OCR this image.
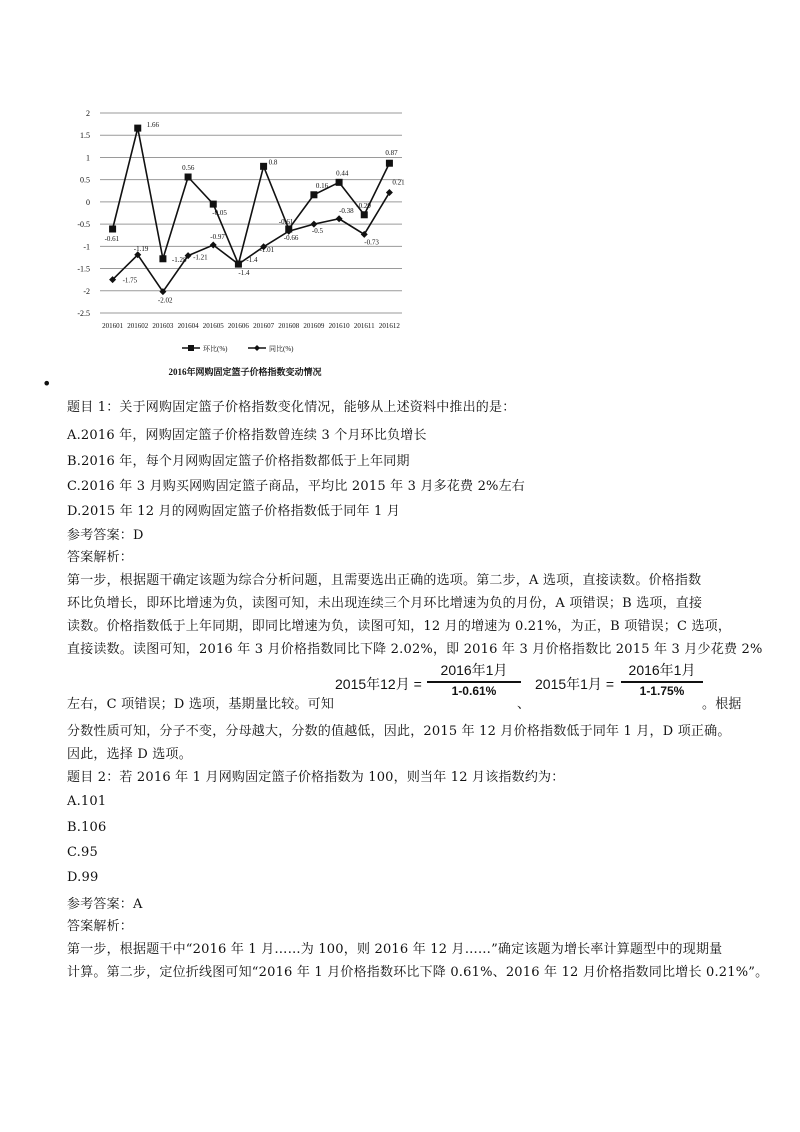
2
1.5
1
0.5
0
-0.5
-1
-1.5
-2
-2.5
201601 201602 201603 201604 201605 201606 201607 201608 201609 201610 201611 201612
-0.61
1.66
-1.28
0.56
-0.05
-1.4
0.8
-0.61
0.16
0.44
-0.29
0.87
-1.75
-1.19
-2.02
-1.21
-0.97
-1.4
-1.01
-0.66
-0.5
-0.38
-0.73
0.21
环比(%)	同比(%)
2016年网购固定篮子价格指数变动情况
•
题目 1：关于网购固定篮子价格指数变化情况，能够从上述资料中推出的是：
A.2016 年，网购固定篮子价格指数曾连续 3 个月环比负增长
B.2016 年，每个月网购固定篮子价格指数都低于上年同期
C.2016 年 3 月购买网购固定篮子商品，平均比 2015 年 3 月多花费 2%左右
D.2015 年 12 月的网购固定篮子价格指数低于同年 1 月
参考答案：D
答案解析：
第一步，根据题干确定该题为综合分析问题，且需要选出正确的选项。第二步，A 选项，直接读数。价格指数
环比负增长，即环比增速为负，读图可知，未出现连续三个月环比增速为负的月份，A 项错误；B 选项，直接
读数。价格指数低于上年同期，即同比增速为负，读图可知，12 月的增速为 0.21%，为正，B 项错误；C 选项，
直接读数。读图可知，2016 年 3 月价格指数同比下降 2.02%，即 2016 年 3 月价格指数比 2015 年 3 月少花费 2%
左右，C 项错误；D 选项，基期量比较。可知
2015年12月 =
2016年1月
1-0.61%
、
2015年1月 =
2016年1月
1-1.75%
。根据
分数性质可知，分子不变，分母越大，分数的值越低，因此，2015 年 12 月价格指数低于同年 1 月，D 项正确。
因此，选择 D 选项。
题目 2：若 2016 年 1 月网购固定篮子价格指数为 100，则当年 12 月该指数约为：
A.101
B.106
C.95
D.99
参考答案：A
答案解析：
第一步，根据题干中“2016 年 1 月……为 100，则 2016 年 12 月……”确定该题为增长率计算题型中的现期量
计算。第二步，定位折线图可知“2016 年 1 月价格指数环比下降 0.61%、2016 年 12 月价格指数同比增长 0.21%”。
